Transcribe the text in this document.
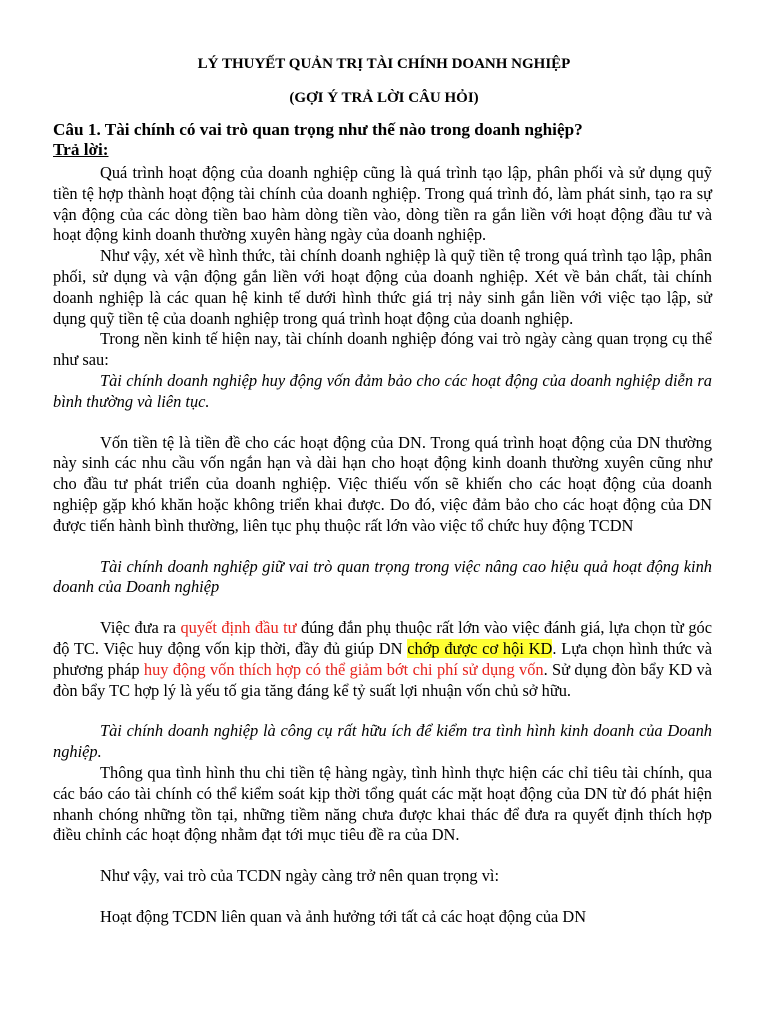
LÝ THUYẾT QUẢN TRỊ TÀI CHÍNH DOANH NGHIỆP
(GỢI Ý TRẢ LỜI CÂU HỎI)
Câu 1. Tài chính có vai trò quan trọng như thế nào trong doanh nghiệp?
Trả lời:

Quá trình hoạt động của doanh nghiệp cũng là quá trình tạo lập, phân phối và sử dụng quỹ tiền tệ hợp thành hoạt động tài chính của doanh nghiệp. Trong quá trình đó, làm phát sinh, tạo ra sự vận động của các dòng tiền bao hàm dòng tiền vào, dòng tiền ra gắn liền với hoạt động đầu tư và hoạt động kinh doanh thường xuyên hàng ngày của doanh nghiệp.

Như vậy, xét về hình thức, tài chính doanh nghiệp là quỹ tiền tệ trong quá trình tạo lập, phân phối, sử dụng và vận động gắn liền với hoạt động của doanh nghiệp. Xét về bản chất, tài chính doanh nghiệp là các quan hệ kinh tế dưới hình thức giá trị nảy sinh gắn liền với việc tạo lập, sử dụng quỹ tiền tệ của doanh nghiệp trong quá trình hoạt động của doanh nghiệp.

Trong nền kinh tế hiện nay, tài chính doanh nghiệp đóng vai trò ngày càng quan trọng cụ thể như sau:

Tài chính doanh nghiệp huy động vốn đảm bảo cho các hoạt động của doanh nghiệp diễn ra bình thường và liên tục.

Vốn tiền tệ là tiền đề cho các hoạt động của DN. Trong quá trình hoạt động của DN thường này sinh các nhu cầu vốn ngắn hạn và dài hạn cho hoạt động kinh doanh thường xuyên cũng như cho đầu tư phát triển của doanh nghiệp. Việc thiếu vốn sẽ khiến cho các hoạt động của doanh nghiệp gặp khó khăn hoặc không triển khai được. Do đó, việc đảm bảo cho các hoạt động của DN được tiến hành bình thường, liên tục phụ thuộc rất lớn vào việc tổ chức huy động TCDN

Tài chính doanh nghiệp giữ vai trò quan trọng trong việc nâng cao hiệu quả hoạt động kinh doanh của Doanh nghiệp

Việc đưa ra quyết định đầu tư đúng đắn phụ thuộc rất lớn vào việc đánh giá, lựa chọn từ góc độ TC. Việc huy động vốn kịp thời, đầy đủ giúp DN chớp được cơ hội KD. Lựa chọn hình thức và phương pháp huy động vốn thích hợp có thể giảm bớt chi phí sử dụng vốn. Sử dụng đòn bẩy KD và đòn bẩy TC hợp lý là yếu tố gia tăng đáng kể tỷ suất lợi nhuận vốn chủ sở hữu.

Tài chính doanh nghiệp là công cụ rất hữu ích để kiểm tra tình hình kinh doanh của Doanh nghiệp.

Thông qua tình hình thu chi tiền tệ hàng ngày, tình hình thực hiện các chỉ tiêu tài chính, qua các báo cáo tài chính có thể kiểm soát kịp thời tổng quát các mặt hoạt động của DN từ đó phát hiện nhanh chóng những tồn tại, những tiềm năng chưa được khai thác để đưa ra quyết định thích hợp điều chỉnh các hoạt động nhằm đạt tới mục tiêu đề ra của DN.

Như vậy, vai trò của TCDN ngày càng trở nên quan trọng vì:

Hoạt động TCDN liên quan và ảnh hưởng tới tất cả các hoạt động của DN
